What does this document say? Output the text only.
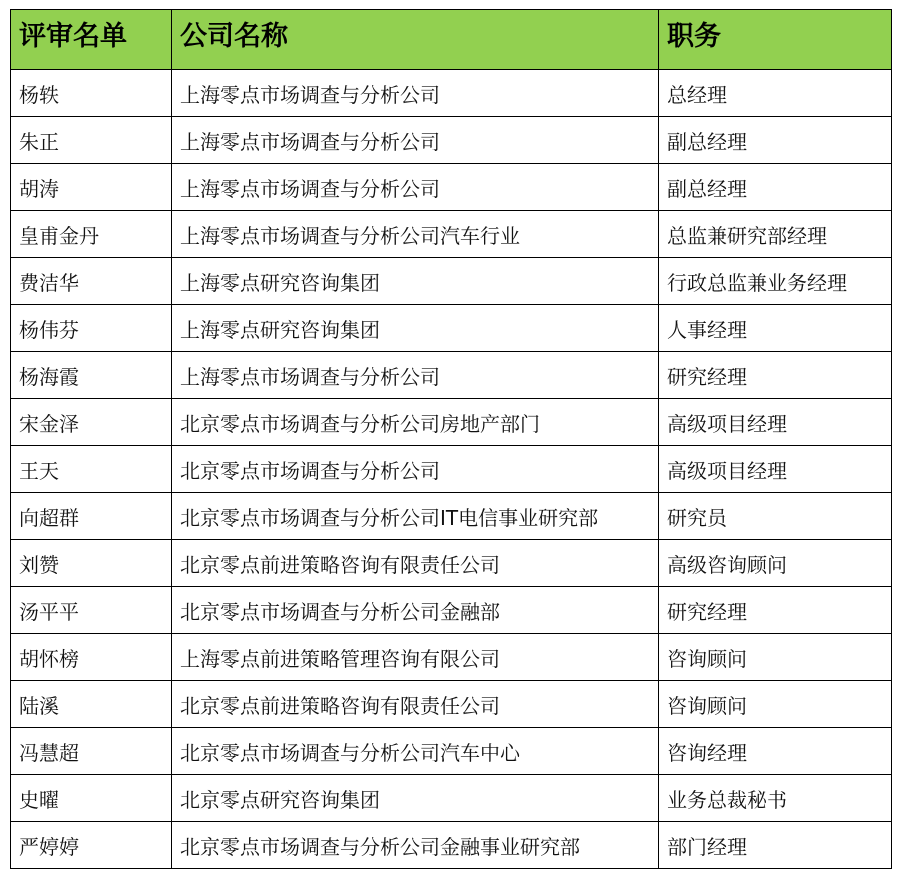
评审名单	公司名称	职务
杨轶	上海零点市场调查与分析公司	总经理
朱正	上海零点市场调查与分析公司	副总经理
胡涛	上海零点市场调查与分析公司	副总经理
皇甫金丹	上海零点市场调查与分析公司汽车行业	总监兼研究部经理
费洁华	上海零点研究咨询集团	行政总监兼业务经理
杨伟芬	上海零点研究咨询集团	人事经理
杨海霞	上海零点市场调查与分析公司	研究经理
宋金泽	北京零点市场调查与分析公司房地产部门	高级项目经理
王天	北京零点市场调查与分析公司	高级项目经理
向超群	北京零点市场调查与分析公司IT电信事业研究部	研究员
刘赞	北京零点前进策略咨询有限责任公司	高级咨询顾问
汤平平	北京零点市场调查与分析公司金融部	研究经理
胡怀榜	上海零点前进策略管理咨询有限公司	咨询顾问
陆溪	北京零点前进策略咨询有限责任公司	咨询顾问
冯慧超	北京零点市场调查与分析公司汽车中心	咨询经理
史曜	北京零点研究咨询集团	业务总裁秘书
严婷婷	北京零点市场调查与分析公司金融事业研究部	部门经理
